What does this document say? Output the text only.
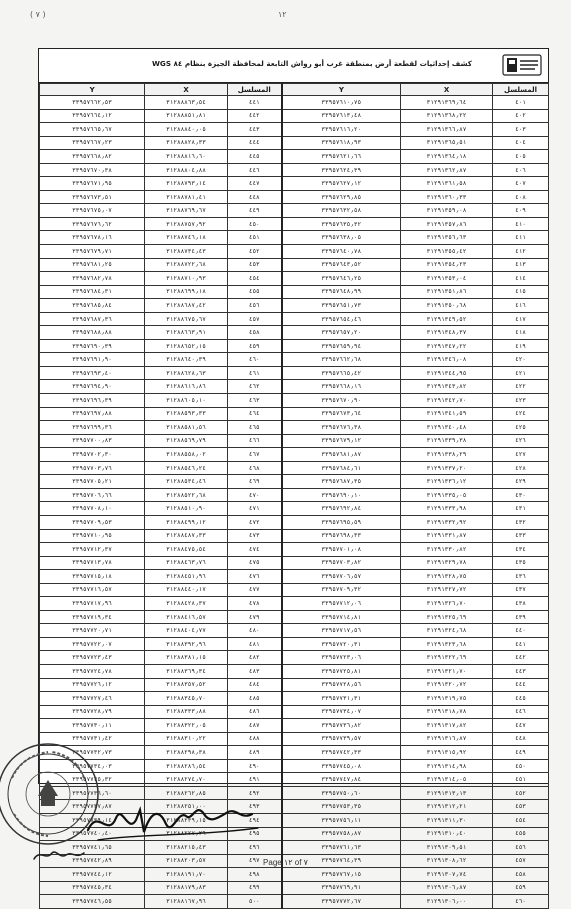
( ٧ )	١٢
كشف إحداثيات لقطعة أرض بمنطقة غرب أبو رواش التابعة لمحافظة الجيزة بنظام ٨٤ WGS
Y	X	المسلسل	Y	X	المسلسل
٣٣٩٥٧٦٦٢٫٥٣	٣١٢٨٨٨٦٣٫٥٤	٤٤١	٣٣٩٥٧٦١٠٫٧٥	٣١٢٩١٣٦٩٫٦٤	٤٠١
٣٣٩٥٧٦٦٤٫١٢	٣١٢٨٨٨٥١٫٨١	٤٤٢	٣٣٩٥٧٦١٣٫٤٨	٣١٢٩١٣٦٨٫٢٢	٤٠٢
٣٣٩٥٧٦٦٥٫٦٧	٣١٢٨٨٨٤٠٫٠٥	٤٤٣	٣٣٩٥٧٦١٦٫٢٠	٣١٢٩١٣٦٦٫٨٧	٤٠٣
٣٣٩٥٧٦٦٧٫٢٣	٣١٢٨٨٨٢٨٫٣٣	٤٤٤	٣٣٩٥٧٦١٨٫٩٣	٣١٢٩١٣٦٥٫٥١	٤٠٤
٣٣٩٥٧٦٦٨٫٨٢	٣١٢٨٨٨١٦٫٦٠	٤٤٥	٣٣٩٥٧٦٢١٫٦٦	٣١٢٩١٣٦٤٫١٨	٤٠٥
٣٣٩٥٧٦٧٠٫٣٨	٣١٢٨٨٨٠٤٫٨٨	٤٤٦	٣٣٩٥٧٦٢٤٫٣٩	٣١٢٩١٣٦٢٫٨٧	٤٠٦
٣٣٩٥٧٦٧١٫٩٥	٣١٢٨٨٧٩٣٫١٤	٤٤٧	٣٣٩٥٧٦٢٧٫١٢	٣١٢٩١٣٦١٫٥٨	٤٠٧
٣٣٩٥٧٦٧٣٫٥١	٣١٢٨٨٧٨١٫٤١	٤٤٨	٣٣٩٥٧٦٢٩٫٨٥	٣١٢٩١٣٦٠٫٣٣	٤٠٨
٣٣٩٥٧٦٧٥٫٠٧	٣١٢٨٨٧٦٩٫٦٧	٤٤٩	٣٣٩٥٧٦٣٢٫٥٨	٣١٢٩١٣٥٩٫٠٨	٤٠٩
٣٣٩٥٧٦٧٦٫٦٢	٣١٢٨٨٧٥٧٫٩٢	٤٥٠	٣٣٩٥٧٦٣٥٫٣٢	٣١٢٩١٣٥٧٫٨٦	٤١٠
٣٣٩٥٧٦٧٨٫١٦	٣١٢٨٨٧٤٦٫١٨	٤٥١	٣٣٩٥٧٦٣٨٫٠٥	٣١٢٩١٣٥٦٫٦٣	٤١١
٣٣٩٥٧٦٧٩٫٧١	٣١٢٨٨٧٣٤٫٤٣	٤٥٢	٣٣٩٥٧٦٤٠٫٧٨	٣١٢٩١٣٥٥٫٤٢	٤١٢
٣٣٩٥٧٦٨١٫٢٥	٣١٢٨٨٧٢٢٫٦٨	٤٥٣	٣٣٩٥٧٦٤٣٫٥٢	٣١٢٩١٣٥٤٫٢٣	٤١٣
٣٣٩٥٧٦٨٢٫٧٨	٣١٢٨٨٧١٠٫٩٣	٤٥٤	٣٣٩٥٧٦٤٦٫٢٥	٣١٢٩١٣٥٣٫٠٤	٤١٤
٣٣٩٥٧٦٨٤٫٣١	٣١٢٨٨٦٩٩٫١٨	٤٥٥	٣٣٩٥٧٦٤٨٫٩٩	٣١٢٩١٣٥١٫٨٦	٤١٥
٣٣٩٥٧٦٨٥٫٨٤	٣١٢٨٨٦٨٧٫٤٢	٤٥٦	٣٣٩٥٧٦٥١٫٧٣	٣١٢٩١٣٥٠٫٦٨	٤١٦
٣٣٩٥٧٦٨٧٫٣٦	٣١٢٨٨٦٧٥٫٦٧	٤٥٧	٣٣٩٥٧٦٥٤٫٤٦	٣١٢٩١٣٤٩٫٥٢	٤١٧
٣٣٩٥٧٦٨٨٫٨٨	٣١٢٨٨٦٦٣٫٩١	٤٥٨	٣٣٩٥٧٦٥٧٫٢٠	٣١٢٩١٣٤٨٫٣٧	٤١٨
٣٣٩٥٧٦٩٠٫٣٩	٣١٢٨٨٦٥٢٫١٥	٤٥٩	٣٣٩٥٧٦٥٩٫٩٤	٣١٢٩١٣٤٧٫٢٢	٤١٩
٣٣٩٥٧٦٩١٫٩٠	٣١٢٨٨٦٤٠٫٣٩	٤٦٠	٣٣٩٥٧٦٦٢٫٦٨	٣١٢٩١٣٤٦٫٠٨	٤٢٠
٣٣٩٥٧٦٩٣٫٤٠	٣١٢٨٨٦٢٨٫٦٣	٤٦١	٣٣٩٥٧٦٦٥٫٤٢	٣١٢٩١٣٤٤٫٩٥	٤٢١
٣٣٩٥٧٦٩٤٫٩٠	٣١٢٨٨٦١٦٫٨٦	٤٦٢	٣٣٩٥٧٦٦٨٫١٦	٣١٢٩١٣٤٣٫٨٢	٤٢٢
٣٣٩٥٧٦٩٦٫٣٩	٣١٢٨٨٦٠٥٫١٠	٤٦٣	٣٣٩٥٧٦٧٠٫٩٠	٣١٢٩١٣٤٢٫٧٠	٤٢٣
٣٣٩٥٧٦٩٧٫٨٨	٣١٢٨٨٥٩٣٫٣٣	٤٦٤	٣٣٩٥٧٦٧٣٫٦٤	٣١٢٩١٣٤١٫٥٩	٤٢٤
٣٣٩٥٧٦٩٩٫٣٦	٣١٢٨٨٥٨١٫٥٦	٤٦٥	٣٣٩٥٧٦٧٦٫٣٨	٣١٢٩١٣٤٠٫٤٨	٤٢٥
٣٣٩٥٧٧٠٠٫٨٣	٣١٢٨٨٥٦٩٫٧٩	٤٦٦	٣٣٩٥٧٦٧٩٫١٢	٣١٢٩١٣٣٩٫٣٨	٤٢٦
٣٣٩٥٧٧٠٢٫٣٠	٣١٢٨٨٥٥٨٫٠٢	٤٦٧	٣٣٩٥٧٦٨١٫٨٧	٣١٢٩١٣٣٨٫٢٩	٤٢٧
٣٣٩٥٧٧٠٣٫٧٦	٣١٢٨٨٥٤٦٫٢٤	٤٦٨	٣٣٩٥٧٦٨٤٫٦١	٣١٢٩١٣٣٧٫٢٠	٤٢٨
٣٣٩٥٧٧٠٥٫٢١	٣١٢٨٨٥٣٤٫٤٦	٤٦٩	٣٣٩٥٧٦٨٧٫٣٥	٣١٢٩١٣٣٦٫١٢	٤٢٩
٣٣٩٥٧٧٠٦٫٦٦	٣١٢٨٨٥٢٢٫٦٨	٤٧٠	٣٣٩٥٧٦٩٠٫١٠	٣١٢٩١٣٣٥٫٠٥	٤٣٠
٣٣٩٥٧٧٠٨٫١٠	٣١٢٨٨٥١٠٫٩٠	٤٧١	٣٣٩٥٧٦٩٢٫٨٤	٣١٢٩١٣٣٣٫٩٨	٤٣١
٣٣٩٥٧٧٠٩٫٥٣	٣١٢٨٨٤٩٩٫١٢	٤٧٢	٣٣٩٥٧٦٩٥٫٥٩	٣١٢٩١٣٣٢٫٩٢	٤٣٢
٣٣٩٥٧٧١٠٫٩٥	٣١٢٨٨٤٨٧٫٣٣	٤٧٣	٣٣٩٥٧٦٩٨٫٣٣	٣١٢٩١٣٣١٫٨٧	٤٣٣
٣٣٩٥٧٧١٢٫٣٧	٣١٢٨٨٤٧٥٫٥٤	٤٧٤	٣٣٩٥٧٧٠١٫٠٨	٣١٢٩١٣٣٠٫٨٢	٤٣٤
٣٣٩٥٧٧١٣٫٧٨	٣١٢٨٨٤٦٣٫٧٦	٤٧٥	٣٣٩٥٧٧٠٣٫٨٢	٣١٢٩١٣٢٩٫٧٨	٤٣٥
٣٣٩٥٧٧١٥٫١٨	٣١٢٨٨٤٥١٫٩٦	٤٧٦	٣٣٩٥٧٧٠٦٫٥٧	٣١٢٩١٣٢٨٫٧٥	٤٣٦
٣٣٩٥٧٧١٦٫٥٧	٣١٢٨٨٤٤٠٫١٧	٤٧٧	٣٣٩٥٧٧٠٩٫٣٢	٣١٢٩١٣٢٧٫٧٢	٤٣٧
٣٣٩٥٧٧١٧٫٩٦	٣١٢٨٨٤٢٨٫٣٧	٤٧٨	٣٣٩٥٧٧١٢٫٠٦	٣١٢٩١٣٢٦٫٧٠	٤٣٨
٣٣٩٥٧٧١٩٫٣٤	٣١٢٨٨٤١٦٫٥٧	٤٧٩	٣٣٩٥٧٧١٤٫٨١	٣١٢٩١٣٢٥٫٦٩	٤٣٩
٣٣٩٥٧٧٢٠٫٧١	٣١٢٨٨٤٠٤٫٧٧	٤٨٠	٣٣٩٥٧٧١٧٫٥٦	٣١٢٩١٣٢٤٫٦٨	٤٤٠
٣٣٩٥٧٧٢٢٫٠٧	٣١٢٨٨٣٩٢٫٩٦	٤٨١	٣٣٩٥٧٧٢٠٫٣١	٣١٢٩١٣٢٣٫٦٨	٤٤١
٣٣٩٥٧٧٢٣٫٤٣	٣١٢٨٨٣٨١٫١٥	٤٨٢	٣٣٩٥٧٧٢٣٫٠٦	٣١٢٩١٣٢٢٫٦٩	٤٤٢
٣٣٩٥٧٧٢٤٫٧٨	٣١٢٨٨٣٦٩٫٣٤	٤٨٣	٣٣٩٥٧٧٢٥٫٨١	٣١٢٩١٣٢١٫٧٠	٤٤٣
٣٣٩٥٧٧٢٦٫١٢	٣١٢٨٨٣٥٧٫٥٢	٤٨٤	٣٣٩٥٧٧٢٨٫٥٦	٣١٢٩١٣٢٠٫٧٢	٤٤٤
٣٣٩٥٧٧٢٧٫٤٦	٣١٢٨٨٣٤٥٫٧٠	٤٨٥	٣٣٩٥٧٧٣١٫٣١	٣١٢٩١٣١٩٫٧٥	٤٤٥
٣٣٩٥٧٧٢٨٫٧٩	٣١٢٨٨٣٣٣٫٨٨	٤٨٦	٣٣٩٥٧٧٣٤٫٠٧	٣١٢٩١٣١٨٫٧٨	٤٤٦
٣٣٩٥٧٧٣٠٫١١	٣١٢٨٨٣٢٢٫٠٥	٤٨٧	٣٣٩٥٧٧٣٦٫٨٢	٣١٢٩١٣١٧٫٨٢	٤٤٧
٣٣٩٥٧٧٣١٫٤٢	٣١٢٨٨٣١٠٫٢٢	٤٨٨	٣٣٩٥٧٧٣٩٫٥٧	٣١٢٩١٣١٦٫٨٧	٤٤٨
٣٣٩٥٧٧٣٢٫٧٣	٣١٢٨٨٢٩٨٫٣٨	٤٨٩	٣٣٩٥٧٧٤٢٫٣٣	٣١٢٩١٣١٥٫٩٢	٤٤٩
٣٣٩٥٧٧٣٤٫٠٣	٣١٢٨٨٢٨٦٫٥٤	٤٩٠	٣٣٩٥٧٧٤٥٫٠٨	٣١٢٩١٣١٤٫٩٨	٤٥٠
٣٣٩٥٧٧٣٥٫٣٢	٣١٢٨٨٢٧٤٫٧٠	٤٩١	٣٣٩٥٧٧٤٧٫٨٤	٣١٢٩١٣١٤٫٠٥	٤٥١
٣٣٩٥٧٧٣٦٫٦٠	٣١٢٨٨٢٦٢٫٨٥	٤٩٢	٣٣٩٥٧٧٥٠٫٦٠	٣١٢٩١٣١٣٫١٣	٤٥٢
٣٣٩٥٧٧٣٧٫٨٧	٣١٢٨٨٢٥١٫٠٠	٤٩٣	٣٣٩٥٧٧٥٣٫٣٥	٣١٢٩١٣١٢٫٢١	٤٥٣
٣٣٩٥٧٧٣٩٫١٤	٣١٢٨٨٢٣٩٫١٥	٤٩٤	٣٣٩٥٧٧٥٦٫١١	٣١٢٩١٣١١٫٣٠	٤٥٤
٣٣٩٥٧٧٤٠٫٤٠	٣١٢٨٨٢٢٧٫٢٩	٤٩٥	٣٣٩٥٧٧٥٨٫٨٧	٣١٢٩١٣١٠٫٤٠	٤٥٥
٣٣٩٥٧٧٤١٫٦٥	٣١٢٨٨٢١٥٫٤٣	٤٩٦	٣٣٩٥٧٧٦١٫٦٣	٣١٢٩١٣٠٩٫٥١	٤٥٦
٣٣٩٥٧٧٤٢٫٨٩	٣١٢٨٨٢٠٣٫٥٧	٤٩٧	٣٣٩٥٧٧٦٤٫٣٩	٣١٢٩١٣٠٨٫٦٢	٤٥٧
٣٣٩٥٧٧٤٤٫١٢	٣١٢٨٨١٩١٫٧٠	٤٩٨	٣٣٩٥٧٧٦٧٫١٥	٣١٢٩١٣٠٧٫٧٤	٤٥٨
٣٣٩٥٧٧٤٥٫٣٤	٣١٢٨٨١٧٩٫٨٣	٤٩٩	٣٣٩٥٧٧٦٩٫٩١	٣١٢٩١٣٠٦٫٨٧	٤٥٩
٣٣٩٥٧٧٤٦٫٥٥	٣١٢٨٨١٦٧٫٩٦	٥٠٠	٣٣٩٥٧٧٧٢٫٦٧	٣١٢٩١٣٠٦٫٠٠	٤٦٠
Page ١٢ of ٧
